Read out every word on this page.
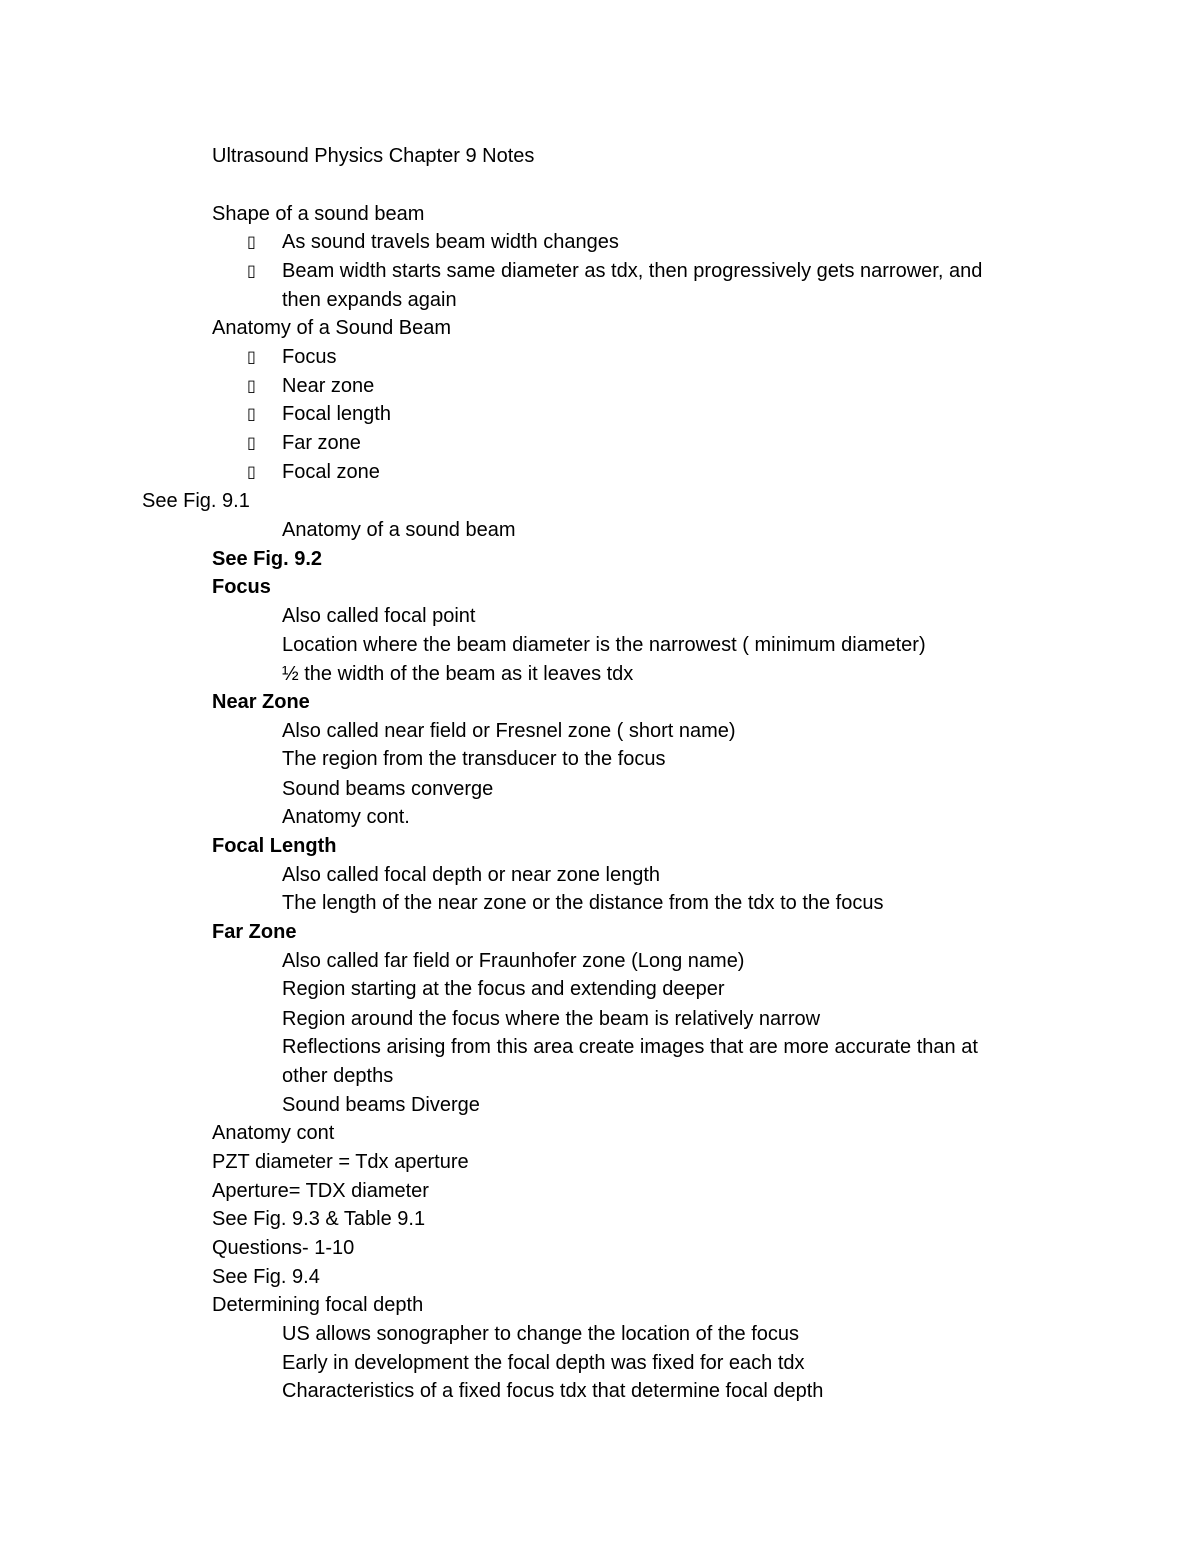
Ultrasound Physics Chapter 9 Notes
Shape of a sound beam
▯ As sound travels beam width changes
▯ Beam width starts same diameter as tdx, then progressively gets narrower, and
then expands again
Anatomy of a Sound Beam
▯ Focus
▯ Near zone
▯ Focal length
▯ Far zone
▯ Focal zone
See Fig. 9.1
Anatomy of a sound beam
See Fig. 9.2
Focus
Also called focal point
Location where the beam diameter is the narrowest ( minimum diameter)
½ the width of the beam as it leaves tdx
Near Zone
Also called near field or Fresnel zone ( short name)
The region from the transducer to the focus
Sound beams converge
Anatomy cont.
Focal Length
Also called focal depth or near zone length
The length of the near zone or the distance from the tdx to the focus
Far Zone
Also called far field or Fraunhofer zone (Long name)
Region starting at the focus and extending deeper
Region around the focus where the beam is relatively narrow
Reflections arising from this area create images that are more accurate than at
other depths
Sound beams Diverge
Anatomy cont
PZT diameter = Tdx aperture
Aperture= TDX diameter
See Fig. 9.3 & Table 9.1
Questions- 1-10
See Fig. 9.4
Determining focal depth
US allows sonographer to change the location of the focus
Early in development the focal depth was fixed for each tdx
Characteristics of a fixed focus tdx that determine focal depth
